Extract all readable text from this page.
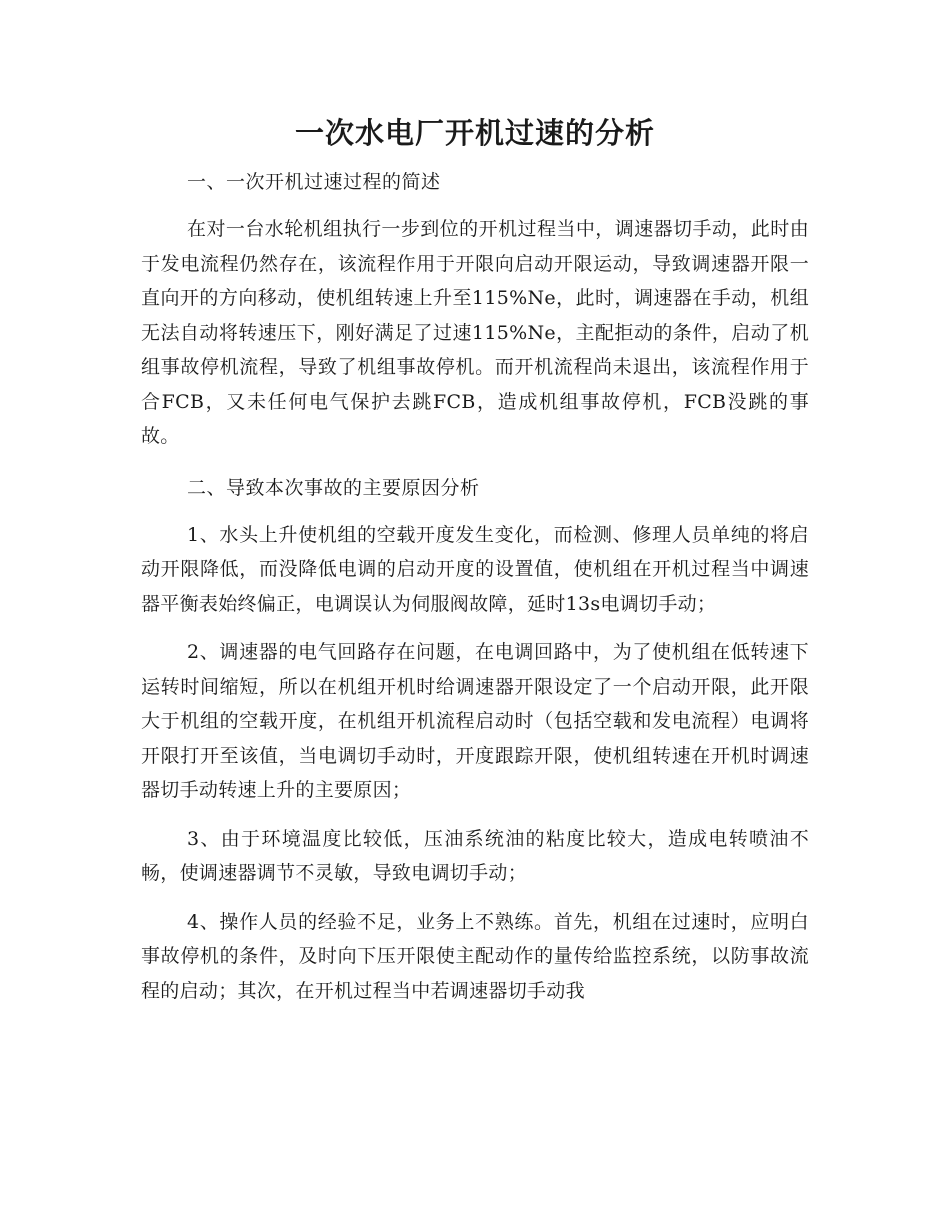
一次水电厂开机过速的分析

一、一次开机过速过程的简述

在对一台水轮机组执行一步到位的开机过程当中，调速器切手动，此时由于发电流程仍然存在，该流程作用于开限向启动开限运动，导致调速器开限一直向开的方向移动，使机组转速上升至115%Ne，此时，调速器在手动，机组无法自动将转速压下，刚好满足了过速115%Ne，主配拒动的条件，启动了机组事故停机流程，导致了机组事故停机。而开机流程尚未退出，该流程作用于合FCB，又未任何电气保护去跳FCB，造成机组事故停机，FCB没跳的事故。

二、导致本次事故的主要原因分析

1、水头上升使机组的空载开度发生变化，而检测、修理人员单纯的将启动开限降低，而没降低电调的启动开度的设置值，使机组在开机过程当中调速器平衡表始终偏正，电调误认为伺服阀故障，延时13s电调切手动；

2、调速器的电气回路存在问题，在电调回路中，为了使机组在低转速下运转时间缩短，所以在机组开机时给调速器开限设定了一个启动开限，此开限大于机组的空载开度，在机组开机流程启动时（包括空载和发电流程）电调将开限打开至该值，当电调切手动时，开度跟踪开限，使机组转速在开机时调速器切手动转速上升的主要原因；

3、由于环境温度比较低，压油系统油的粘度比较大，造成电转喷油不畅，使调速器调节不灵敏，导致电调切手动；

4、操作人员的经验不足，业务上不熟练。首先，机组在过速时，应明白事故停机的条件，及时向下压开限使主配动作的量传给监控系统，以防事故流程的启动；其次，在开机过程当中若调速器切手动我
